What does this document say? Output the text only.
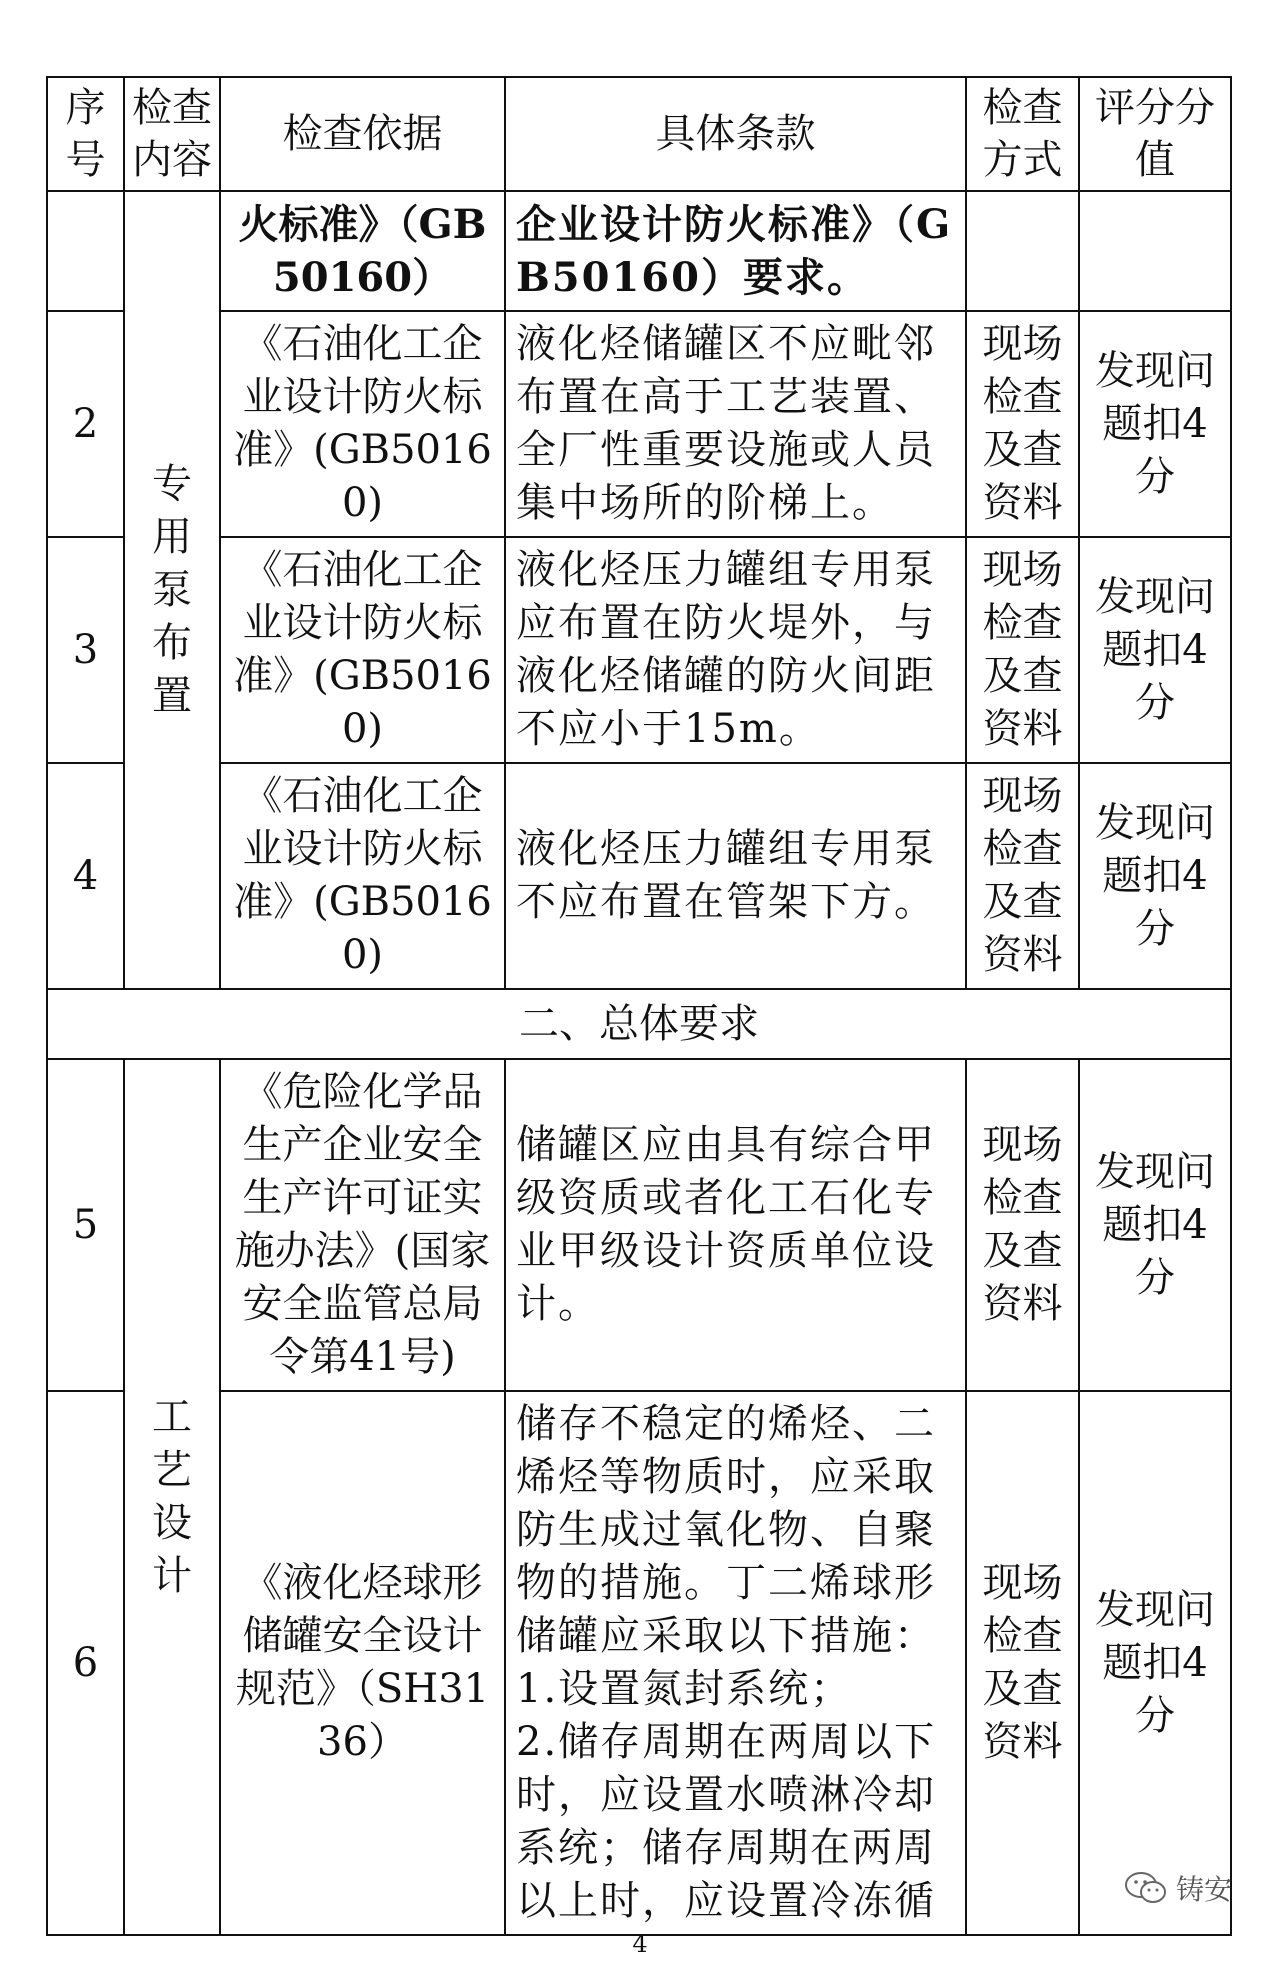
序号	检查内容	检查依据	具体条款	检查方式	评分分值
	专用泵布置	火标准》（GB50160）	企业设计防火标准》（GB50160）要求。		
2		《石油化工企业设计防火标准》(GB50160)	液化烃储罐区不应毗邻布置在高于工艺装置、全厂性重要设施或人员集中场所的阶梯上。	现场检查及查资料	发现问题扣4分
3		《石油化工企业设计防火标准》(GB50160)	液化烃压力罐组专用泵应布置在防火堤外，与液化烃储罐的防火间距不应小于15m。	现场检查及查资料	发现问题扣4分
4		《石油化工企业设计防火标准》(GB50160)	液化烃压力罐组专用泵不应布置在管架下方。	现场检查及查资料	发现问题扣4分
二、总体要求					
5	工艺设计	《危险化学品生产企业安全生产许可证实施办法》(国家安全监管总局令第41号)	储罐区应由具有综合甲级资质或者化工石化专业甲级设计资质单位设计。	现场检查及查资料	发现问题扣4分
6		《液化烃球形储罐安全设计规范》（SH3136）	储存不稳定的烯烃、二烯烃等物质时，应采取防生成过氧化物、自聚物的措施。丁二烯球形储罐应采取以下措施：
1.设置氮封系统；
2.储存周期在两周以下时，应设置水喷淋冷却系统；储存周期在两周以上时，应设置冷冻循	现场检查及查资料	发现问题扣4分
铸安
4
